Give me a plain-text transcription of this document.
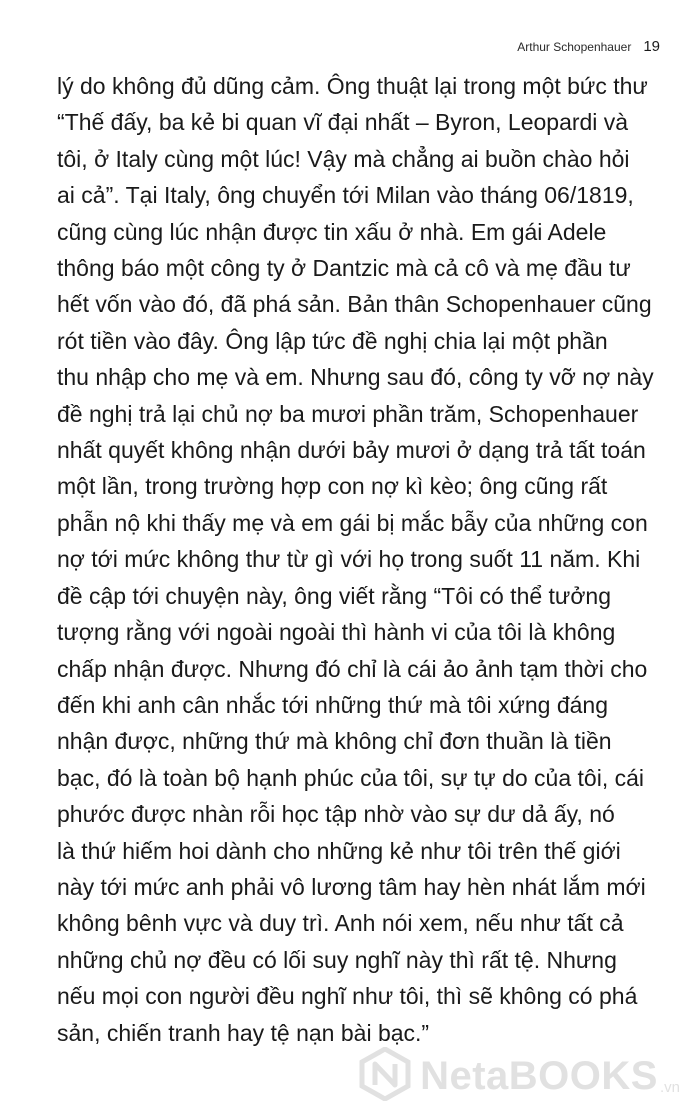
Arthur Schopenhauer 19

lý do không đủ dũng cảm. Ông thuật lại trong một bức thư
“Thế đấy, ba kẻ bi quan vĩ đại nhất – Byron, Leopardi và
tôi, ở Italy cùng một lúc! Vậy mà chẳng ai buồn chào hỏi
ai cả”. Tại Italy, ông chuyển tới Milan vào tháng 06/1819,
cũng cùng lúc nhận được tin xấu ở nhà. Em gái Adele
thông báo một công ty ở Dantzic mà cả cô và mẹ đầu tư
hết vốn vào đó, đã phá sản. Bản thân Schopenhauer cũng
rót tiền vào đây. Ông lập tức đề nghị chia lại một phần
thu nhập cho mẹ và em. Nhưng sau đó, công ty vỡ nợ này
đề nghị trả lại chủ nợ ba mươi phần trăm, Schopenhauer
nhất quyết không nhận dưới bảy mươi ở dạng trả tất toán
một lần, trong trường hợp con nợ kì kèo; ông cũng rất
phẫn nộ khi thấy mẹ và em gái bị mắc bẫy của những con
nợ tới mức không thư từ gì với họ trong suốt 11 năm. Khi
đề cập tới chuyện này, ông viết rằng “Tôi có thể tưởng
tượng rằng với ngoài ngoài thì hành vi của tôi là không
chấp nhận được. Nhưng đó chỉ là cái ảo ảnh tạm thời cho
đến khi anh cân nhắc tới những thứ mà tôi xứng đáng
nhận được, những thứ mà không chỉ đơn thuần là tiền
bạc, đó là toàn bộ hạnh phúc của tôi, sự tự do của tôi, cái
phước được nhàn rỗi học tập nhờ vào sự dư dả ấy, nó
là thứ hiếm hoi dành cho những kẻ như tôi trên thế giới
này tới mức anh phải vô lương tâm hay hèn nhát lắm mới
không bênh vực và duy trì. Anh nói xem, nếu như tất cả
những chủ nợ đều có lối suy nghĩ này thì rất tệ. Nhưng
nếu mọi con người đều nghĩ như tôi, thì sẽ không có phá
sản, chiến tranh hay tệ nạn bài bạc.”

NetaBOOKS .vn
